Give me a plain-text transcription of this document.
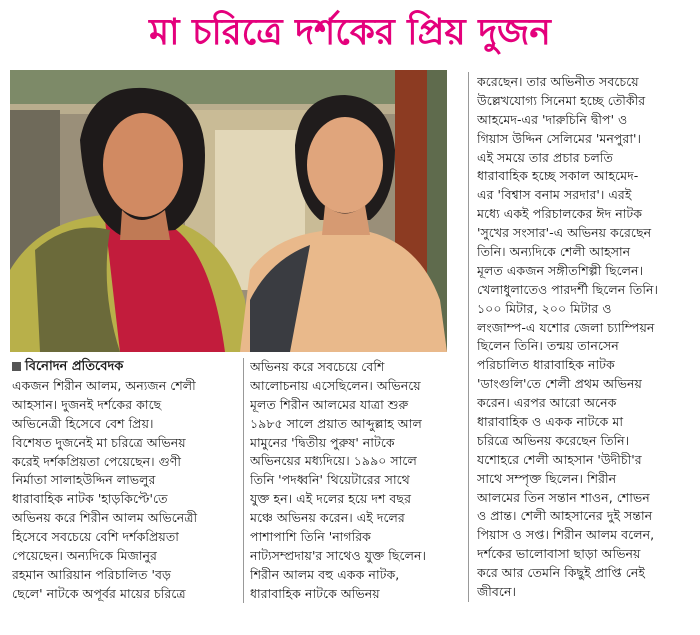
মা চরিত্রে দর্শকের প্রিয় দুজন
বিনোদন প্রতিবেদক
একজন শিরীন আলম, অন্যজন শেলী
আহসান। দুজনই দর্শকের কাছে
অভিনেত্রী হিসেবে বেশ প্রিয়।
বিশেষত দুজনেই মা চরিত্রে অভিনয়
করেই দর্শকপ্রিয়তা পেয়েছেন। গুণী
নির্মাতা সালাহউদ্দিন লাভলুর
ধারাবাহিক নাটক 'হাড়কিপ্টে'তে
অভিনয় করে শিরীন আলম অভিনেত্রী
হিসেবে সবচেয়ে বেশি দর্শকপ্রিয়তা
পেয়েছেন। অন্যদিকে মিজানুর
রহমান আরিয়ান পরিচালিত 'বড়
ছেলে' নাটকে অপূর্বর মায়ের চরিত্রে
অভিনয় করে সবচেয়ে বেশি
আলোচনায় এসেছিলেন। অভিনয়ে
মূলত শিরীন আলমের যাত্রা শুরু
১৯৮৫ সালে প্রয়াত আব্দুল্লাহ আল
মামুনের 'দ্বিতীয় পুরুষ' নাটকে
অভিনয়ের মধ্যদিয়ে। ১৯৯০ সালে
তিনি 'পদধ্বনি' থিয়েটারের সাথে
যুক্ত হন। এই দলের হয়ে দশ বছর
মঞ্চে অভিনয় করেন। এই দলের
পাশাপাশি তিনি 'নাগরিক
নাট্যসম্প্রদায়'র সাথেও যুক্ত ছিলেন।
শিরীন আলম বহু একক নাটক,
ধারাবাহিক নাটকে অভিনয়
করেছেন। তার অভিনীত সবচেয়ে
উল্লেখযোগ্য সিনেমা হচ্ছে তৌকীর
আহমেদ-এর 'দারুচিনি দ্বীপ' ও
গিয়াস উদ্দিন সেলিমের 'মনপুরা'।
এই সময়ে তার প্রচার চলতি
ধারাবাহিক হচ্ছে সকাল আহমেদ-
এর 'বিশ্বাস বনাম সরদার'। এরই
মধ্যে একই পরিচালকের ঈদ নাটক
'সুখের সংসার'-এ অভিনয় করেছেন
তিনি। অন্যদিকে শেলী আহসান
মূলত একজন সঙ্গীতশিল্পী ছিলেন।
খেলাধুলাতেও পারদর্শী ছিলেন তিনি।
১০০ মিটার, ২০০ মিটার ও
লংজাম্প-এ যশোর জেলা চ্যাম্পিয়ন
ছিলেন তিনি। তন্ময় তানসেন
পরিচালিত ধারাবাহিক নাটক
'ডাংগুলি'তে শেলী প্রথম অভিনয়
করেন। এরপর আরো অনেক
ধারাবাহিক ও একক নাটকে মা
চরিত্রে অভিনয় করেছেন তিনি।
যশোহরে শেলী আহসান 'উদীচী'র
সাথে সম্পৃক্ত ছিলেন। শিরীন
আলমের তিন সন্তান শাওন, শোভন
ও প্রান্ত। শেলী আহসানের দুই সন্তান
পিয়াস ও সপ্ত। শিরীন আলম বলেন,
দর্শকের ভালোবাসা ছাড়া অভিনয়
করে আর তেমনি কিছুই প্রাপ্তি নেই
জীবনে।
